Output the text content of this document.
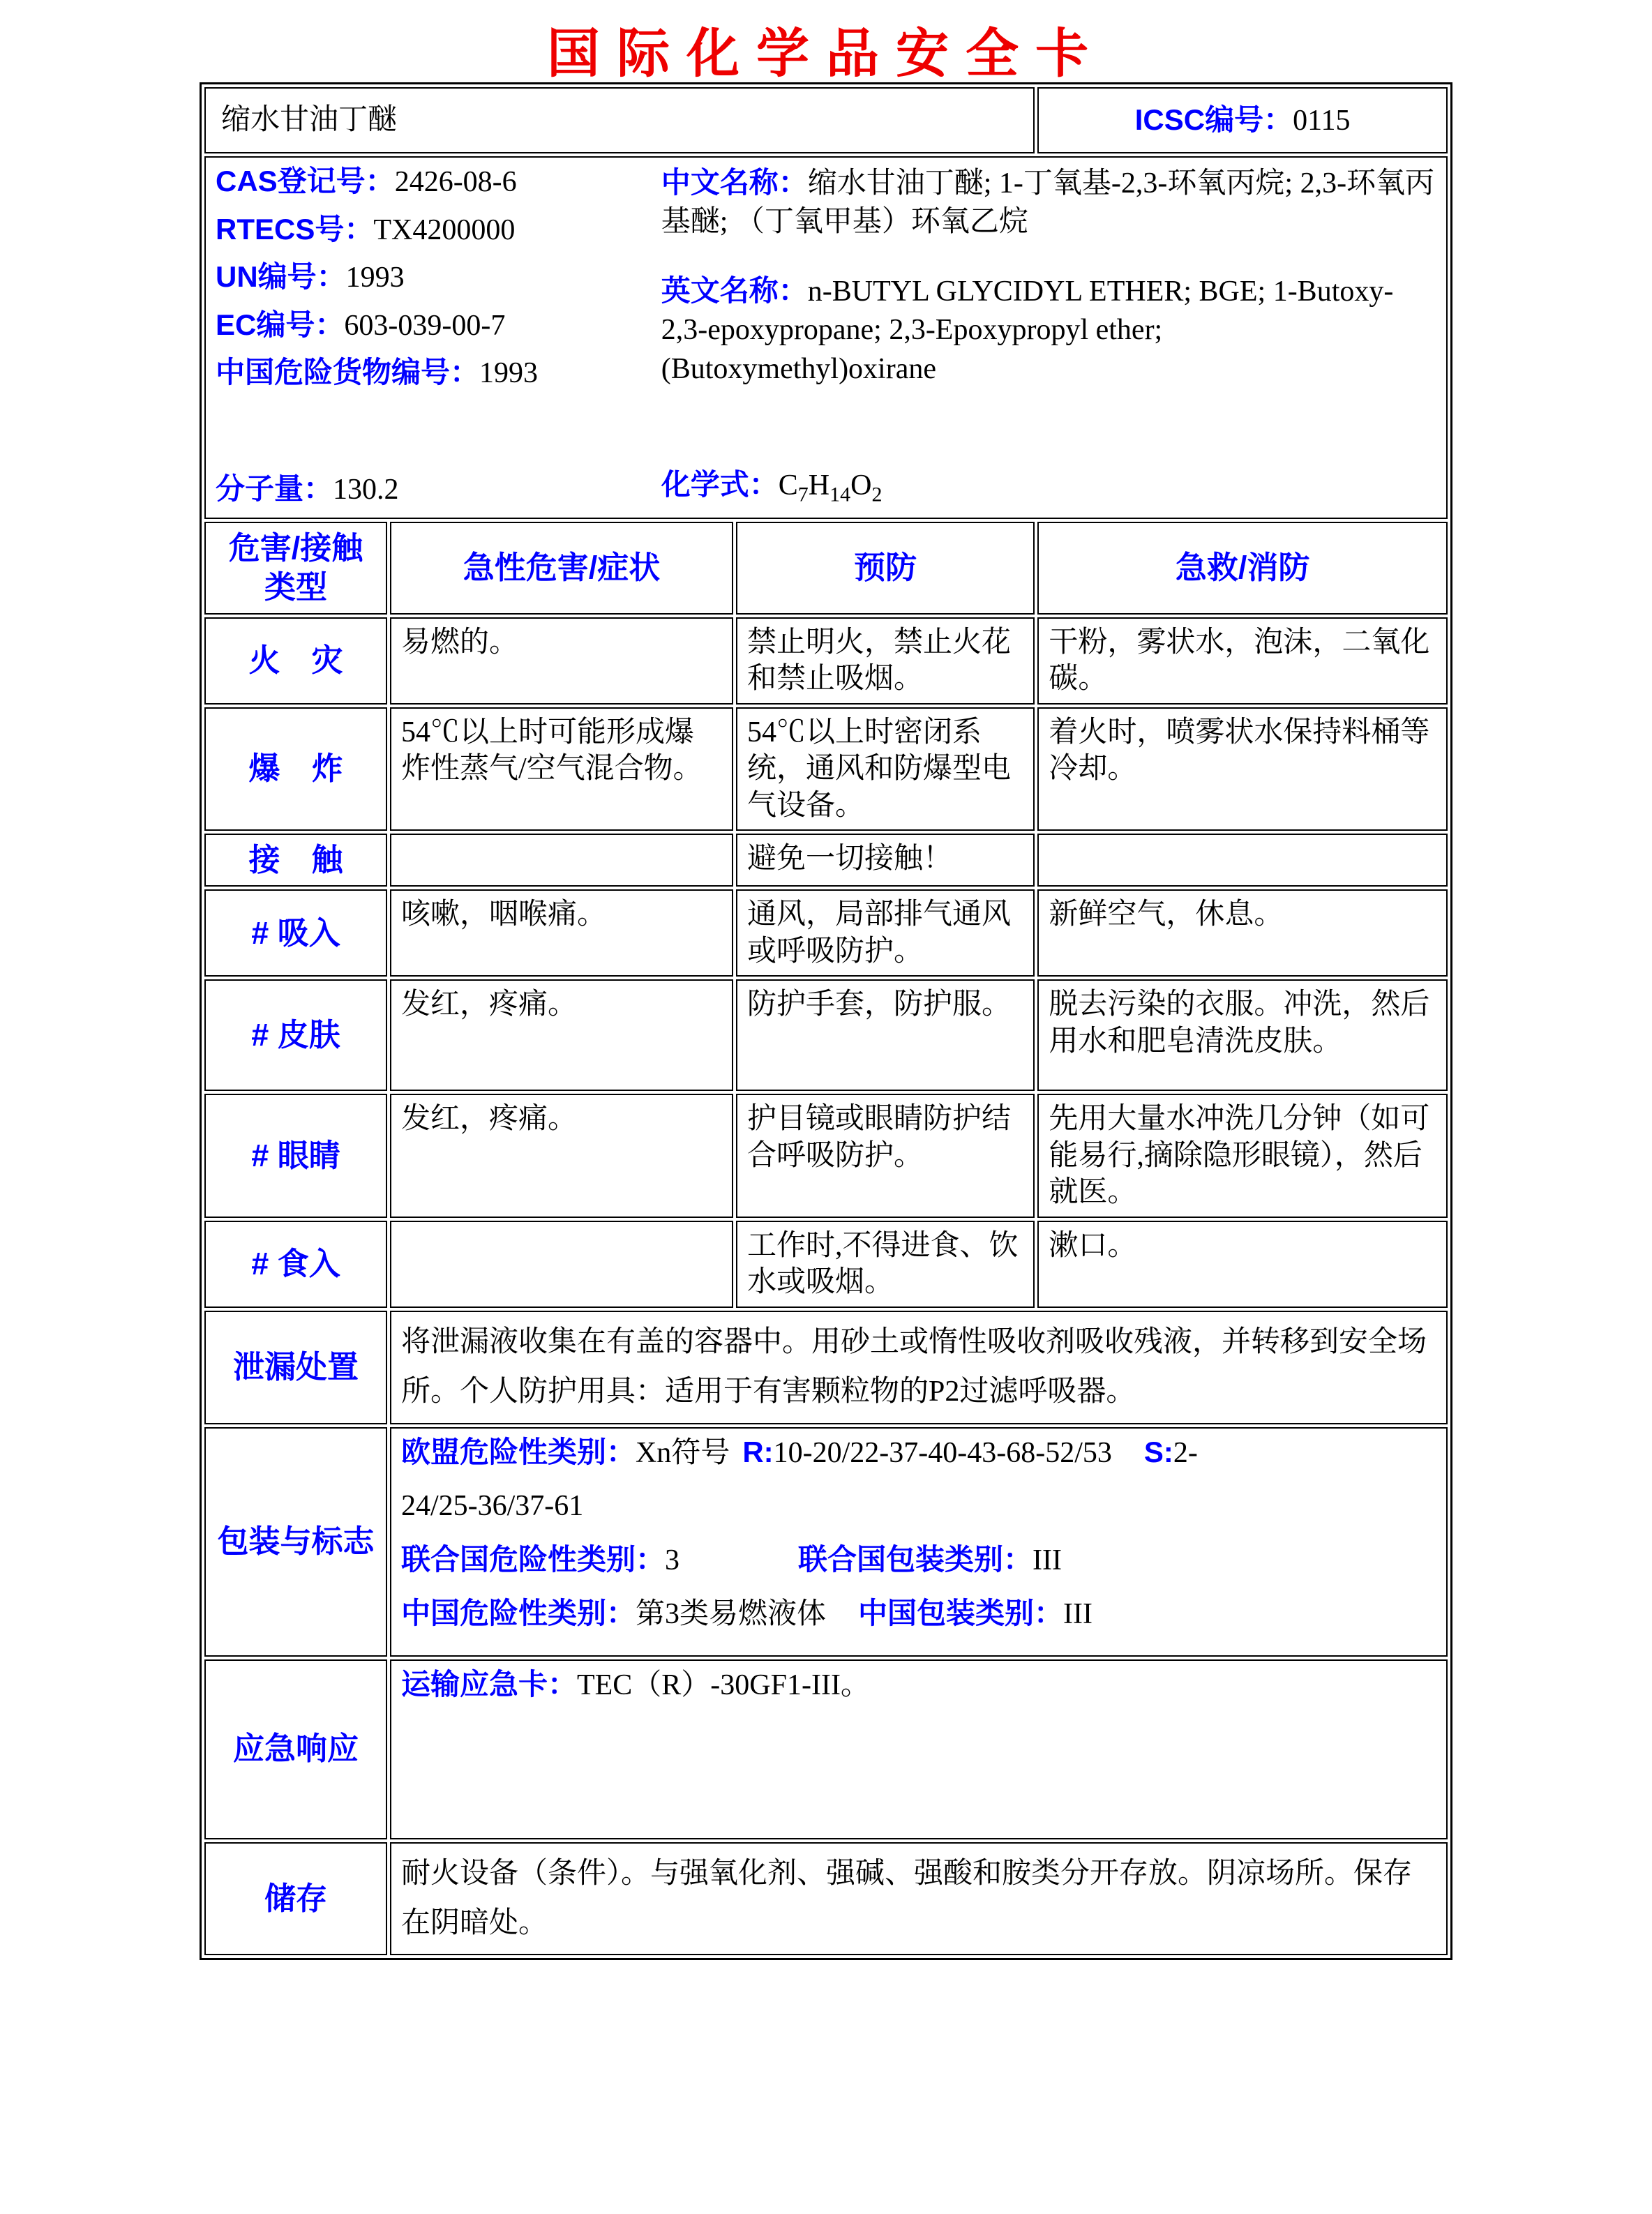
国际化学品安全卡
缩水甘油丁醚			ICSC编号：0115

CAS登记号：2426-08-6
RTECS号：TX4200000
UN编号：1993
EC编号：603-039-00-7
中国危险货物编号：1993
分子量：130.2
中文名称：缩水甘油丁醚; 1-丁氧基-2,3-环氧丙烷; 2,3-环氧丙基醚; （丁氧甲基）环氧乙烷
英文名称：n-BUTYL GLYCIDYL ETHER; BGE; 1-Butoxy-2,3-epoxypropane; 2,3-Epoxypropyl ether; (Butoxymethyl)oxirane
化学式：$C_7H_{14}O_2$

危害/接触类型	急性危害/症状	预防	急救/消防
火　灾	易燃的。	禁止明火，禁止火花和禁止吸烟。	干粉，雾状水，泡沫，二氧化碳。
爆　炸	54℃以上时可能形成爆炸性蒸气/空气混合物。	54℃以上时密闭系统，通风和防爆型电气设备。	着火时，喷雾状水保持料桶等冷却。
接　触		避免一切接触！	
# 吸入	咳嗽，咽喉痛。	通风，局部排气通风或呼吸防护。	新鲜空气，休息。
# 皮肤	发红，疼痛。	防护手套，防护服。	脱去污染的衣服。冲洗，然后用水和肥皂清洗皮肤。
# 眼睛	发红，疼痛。	护目镜或眼睛防护结合呼吸防护。	先用大量水冲洗几分钟（如可能易行,摘除隐形眼镜），然后就医。
# 食入		工作时,不得进食、饮水或吸烟。	漱口。
泄漏处置	将泄漏液收集在有盖的容器中。用砂土或惰性吸收剂吸收残液，并转移到安全场所。个人防护用具：适用于有害颗粒物的P2过滤呼吸器。		
包装与标志	欧盟危险性类别：Xn符号 R:10-20/22-37-40-43-68-52/53 S:2-
24/25-36/37-61
联合国危险性类别：3 联合国包装类别：III
中国危险性类别：第3类易燃液体 中国包装类别：III		

应急响应	运输应急卡：TEC（R）-30GF1-III。		
储存	耐火设备（条件）。与强氧化剂、强碱、强酸和胺类分开存放。阴凉场所。保存在阴暗处。		
